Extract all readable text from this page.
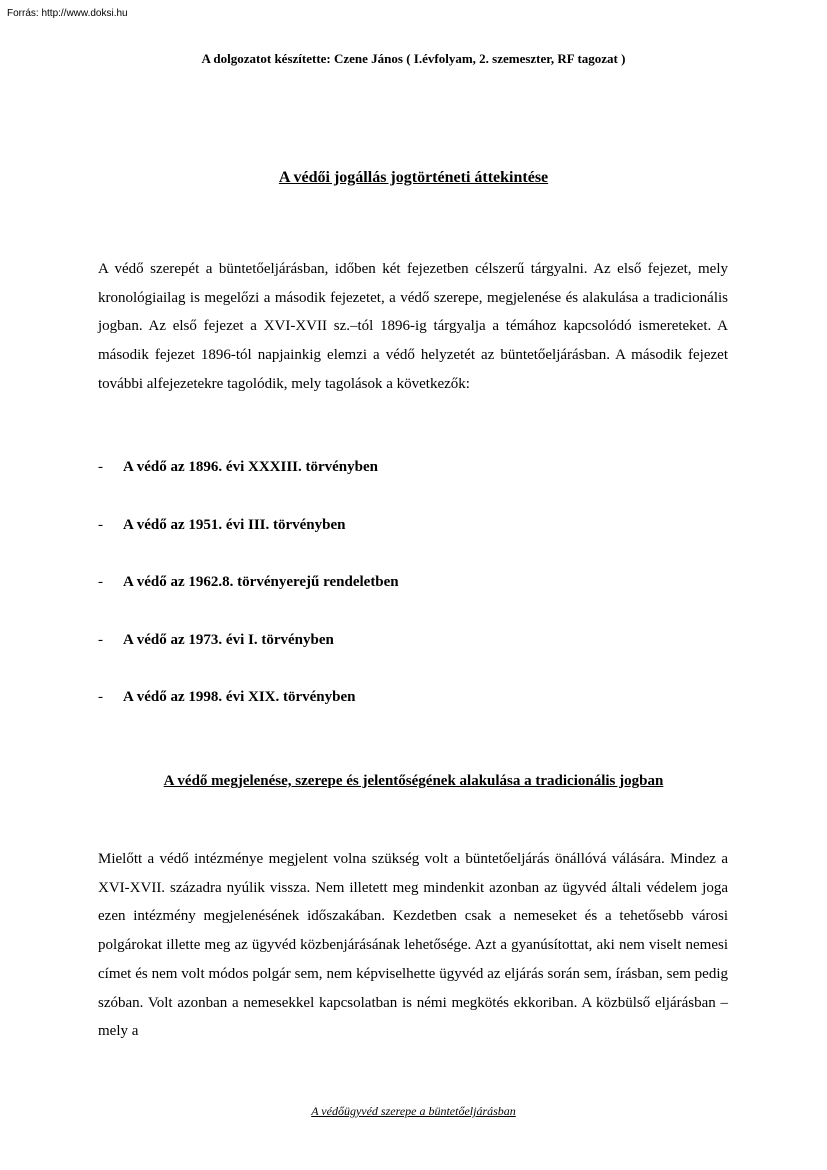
Forrás: http://www.doksi.hu
A dolgozatot készítette: Czene János ( I.évfolyam, 2. szemeszter, RF tagozat )
A védői jogállás jogtörténeti áttekintése

A védő szerepét a büntetőeljárásban, időben két fejezetben célszerű tárgyalni. Az első fejezet, mely kronológiailag is megelőzi a második fejezetet, a védő szerepe, megjelenése és alakulása a tradicionális jogban. Az első fejezet a XVI-XVII sz.–tól 1896-ig tárgyalja a témához kapcsolódó ismereteket. A második fejezet 1896-tól napjainkig elemzi a védő helyzetét az büntetőeljárásban. A második fejezet további alfejezetekre tagolódik, mely tagolások a következők:

- A védő az 1896. évi XXXIII. törvényben
- A védő az 1951. évi III. törvényben
- A védő az 1962.8. törvényerejű rendeletben
- A védő az 1973. évi I. törvényben
- A védő az 1998. évi XIX. törvényben
A védő megjelenése, szerepe és jelentőségének alakulása a tradicionális jogban

Mielőtt a védő intézménye megjelent volna szükség volt a büntetőeljárás önállóvá válására. Mindez a XVI-XVII. századra nyúlik vissza. Nem illetett meg mindenkit azonban az ügyvéd általi védelem joga ezen intézmény megjelenésének időszakában. Kezdetben csak a nemeseket és a tehetősebb városi polgárokat illette meg az ügyvéd közbenjárásának lehetősége. Azt a gyanúsítottat, aki nem viselt nemesi címet és nem volt módos polgár sem, nem képviselhette ügyvéd az eljárás során sem, írásban, sem pedig szóban. Volt azonban a nemesekkel kapcsolatban is némi megkötés ekkoriban. A közbülső eljárásban – mely a

A védőügyvéd szerepe a büntetőeljárásban
